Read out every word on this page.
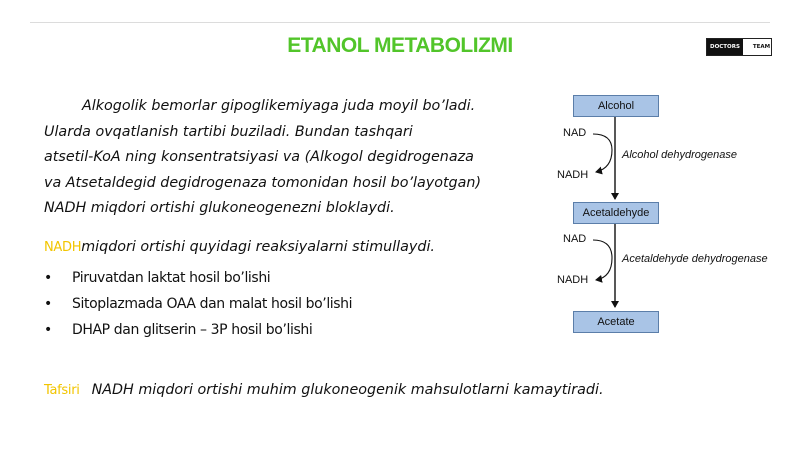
ETANOL METABOLIZMI	DOCTORS	TEAM
Alkogolik bemorlar gipoglikemiyaga juda moyil bo’ladi.
Ularda ovqatlanish tartibi buziladi. Bundan tashqari
atsetil-KoA ning konsentratsiyasi va (Alkogol degidrogenaza
va Atsetaldegid degidrogenaza tomonidan hosil bo’layotgan)
NADH miqdori ortishi glukoneogenezni bloklaydi.
NADHmiqdori ortishi quyidagi reaksiyalarni stimullaydi.
•	Piruvatdan laktat hosil bo’lishi
•	Sitoplazmada OAA dan malat hosil bo’lishi
•	DHAP dan glitserin – 3P hosil bo’lishi
Tafsiri NADH miqdori ortishi muhim glukoneogenik mahsulotlarni kamaytiradi.
Alcohol
Acetaldehyde
Acetate
NAD
NADH
Alcohol dehydrogenase
NAD
NADH
Acetaldehyde dehydrogenase
